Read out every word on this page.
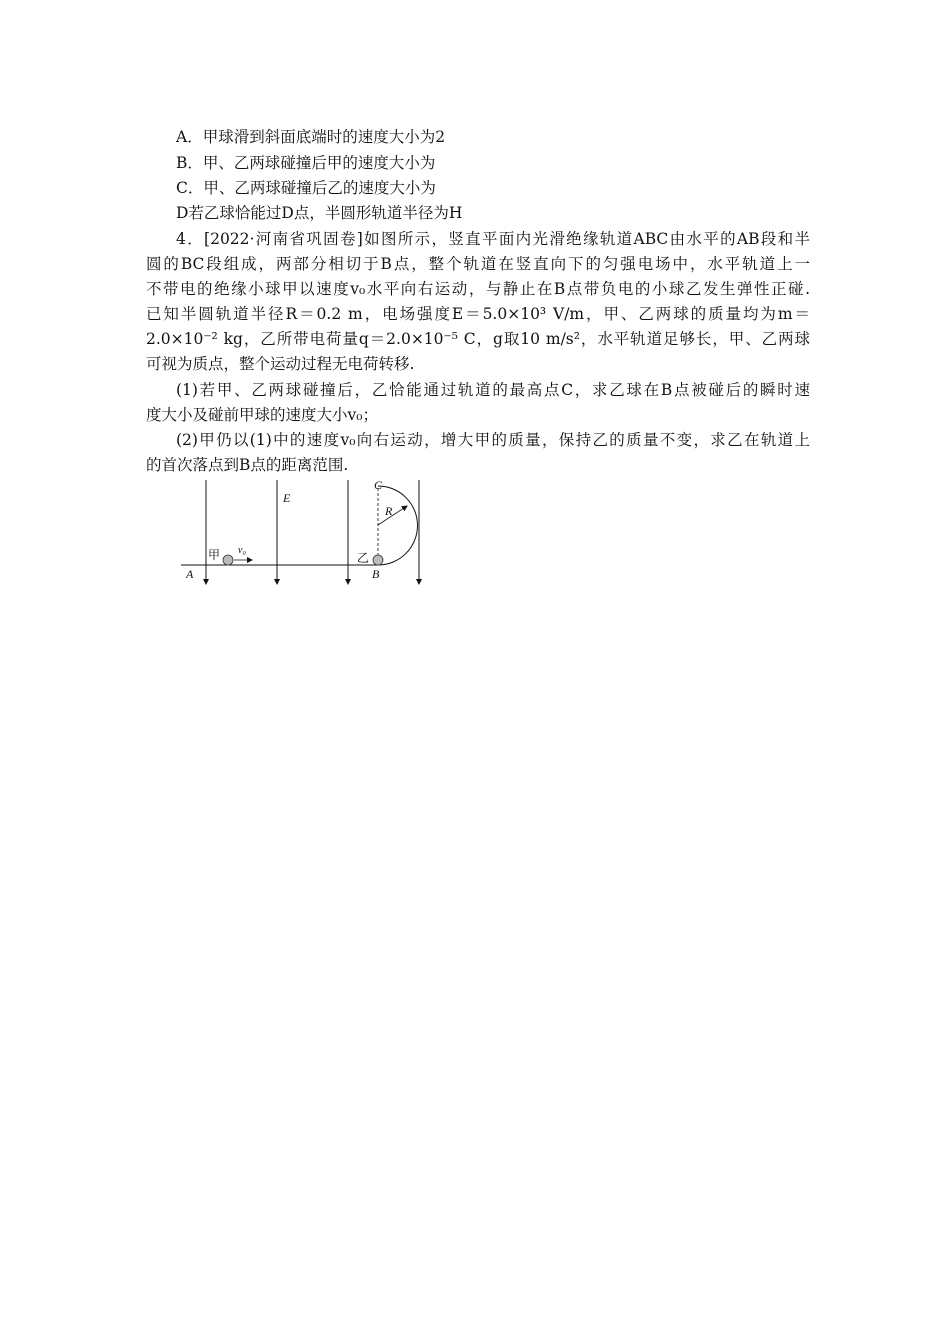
A．甲球滑到斜面底端时的速度大小为2
B．甲、乙两球碰撞后甲的速度大小为
C．甲、乙两球碰撞后乙的速度大小为
D若乙球恰能过D点，半圆形轨道半径为H
4．[2022·河南省巩固卷]如图所示，竖直平面内光滑绝缘轨道ABC由水平的AB段和半
圆的BC段组成，两部分相切于B点，整个轨道在竖直向下的匀强电场中，水平轨道上一
不带电的绝缘小球甲以速度v₀水平向右运动，与静止在B点带负电的小球乙发生弹性正碰.
已知半圆轨道半径R＝0.2 m，电场强度E＝5.0×10³ V/m，甲、乙两球的质量均为m＝
2.0×10⁻² kg，乙所带电荷量q＝2.0×10⁻⁵ C，g取10 m/s²，水平轨道足够长，甲、乙两球
可视为质点，整个运动过程无电荷转移.
(1)若甲、乙两球碰撞后，乙恰能通过轨道的最高点C，求乙球在B点被碰后的瞬时速
度大小及碰前甲球的速度大小v₀；
(2)甲仍以(1)中的速度v₀向右运动，增大甲的质量，保持乙的质量不变，求乙在轨道上
的首次落点到B点的距离范围.
A	B
C
E
R
甲	乙
v₀
